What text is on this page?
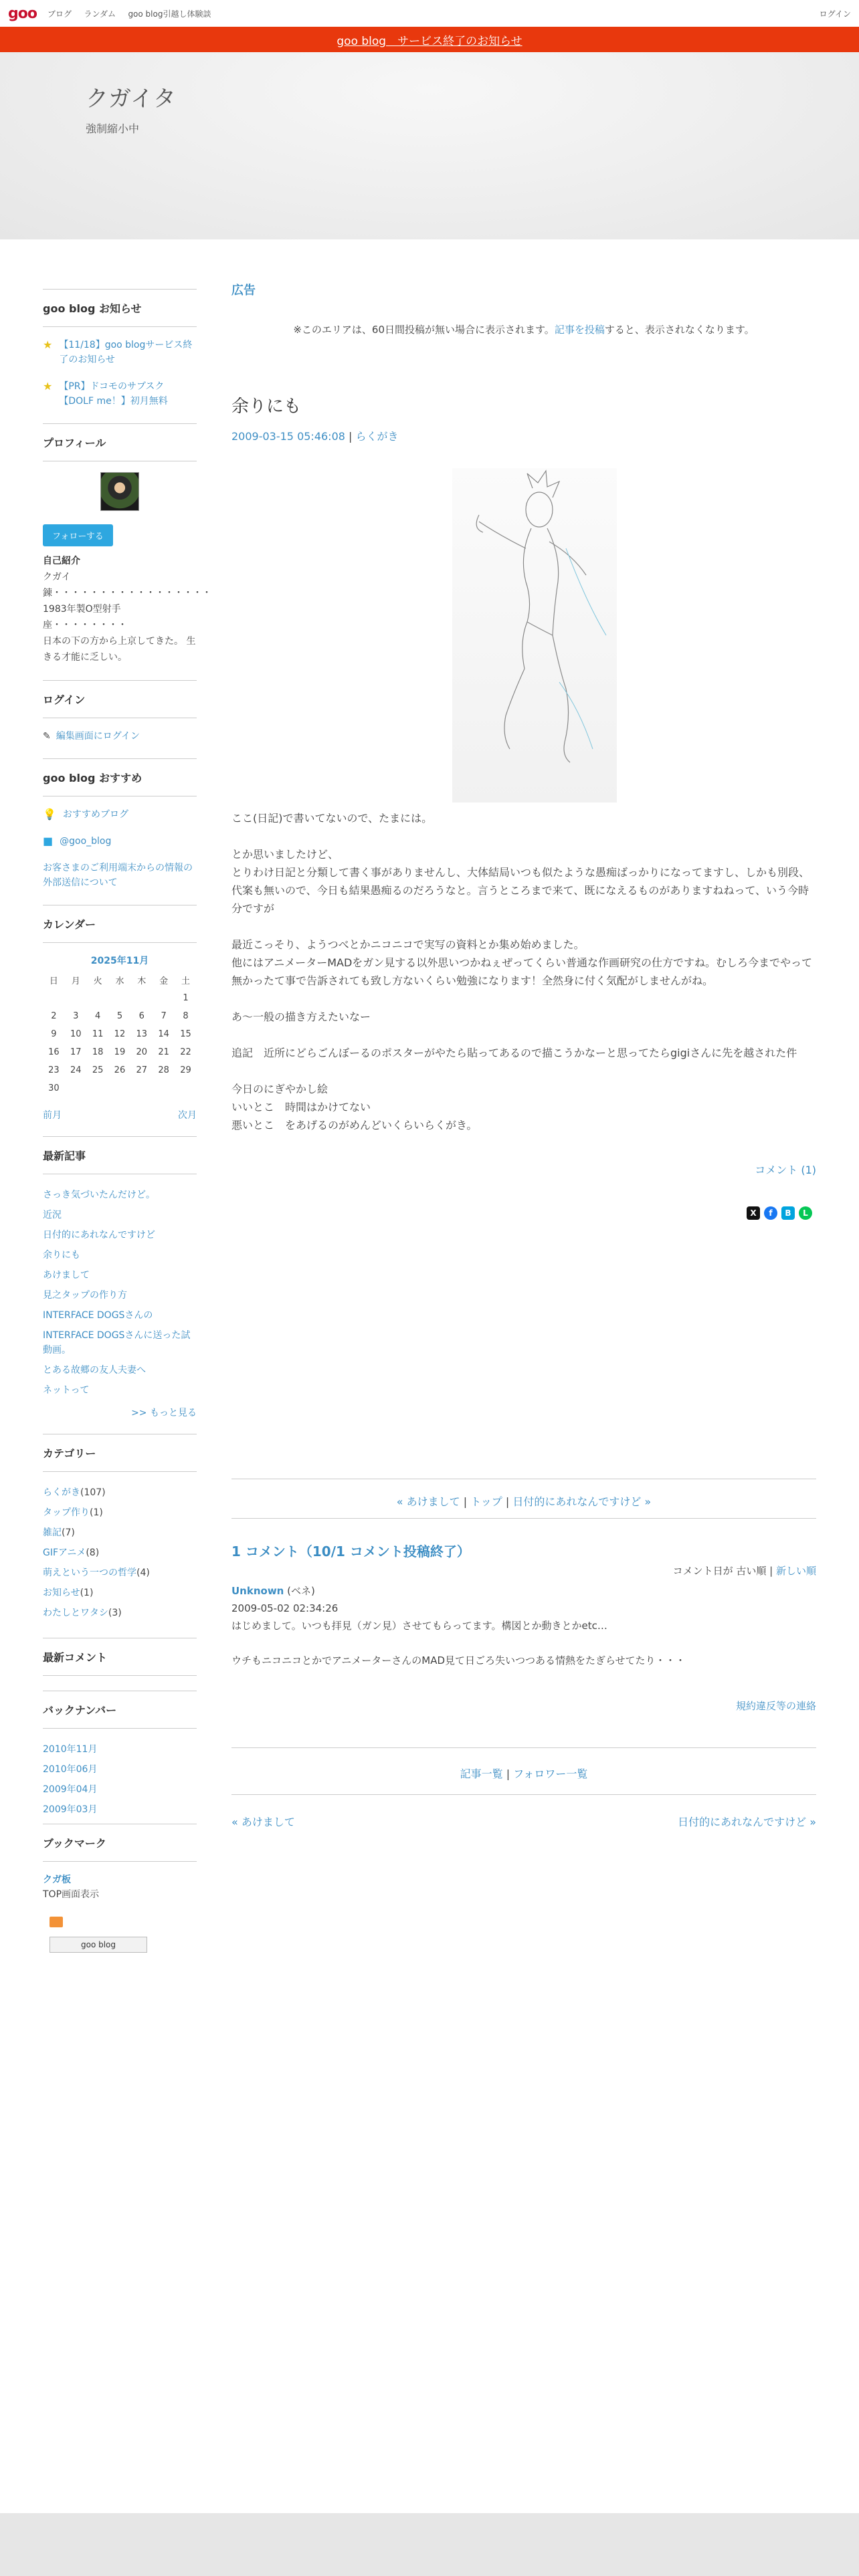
goo ブログ ランダム goo blog引越し体験談	ログイン
goo blog　サービス終了のお知らせ
クガイタ
強制縮小中
goo blog お知らせ
★ 【11/18】goo blogサービス終了のお知らせ
★ 【PR】ドコモのサブスク【DOLF me！】初月無料
プロフィール
フォローする
自己紹介
クガイ
錬・・・・・・・・・・・・・・・・・
1983年製O型射手座・・・・・・・・
日本の下の方から上京してきた。 生きる才能に乏しい。
ログイン
✎ 編集画面にログイン
goo blog おすすめ
💡 おすすめブログ
■ @goo_blog
お客さまのご利用端末からの情報の外部送信について
カレンダー
2025年11月
日	月	火	水	木	金	土
						1
2	3	4	5	6	7	8
9	10	11	12	13	14	15
16	17	18	19	20	21	22
23	24	25	26	27	28	29
30						
前月	次月
最新記事
さっき気づいたんだけど。
近況
日付的にあれなんですけど
余りにも
あけまして
見之タップの作り方
INTERFACE DOGSさんの
INTERFACE DOGSさんに送った試動画。
とある故郷の友人夫妻へ
ネットって
>> もっと見る
カテゴリー
らくがき(107)
タップ作り(1)
雑記(7)
GIFアニメ(8)
萌えという一つの哲学(4)
お知らせ(1)
わたしとワタシ(3)
最新コメント
バックナンバー
2010年11月
2010年06月
2009年04月
2009年03月
ブックマーク
クガ板
TOP画面表示
goo blog
広告
※このエリアは、60日間投稿が無い場合に表示されます。記事を投稿すると、表示されなくなります。
余りにも
2009-03-15 05:46:08 | らくがき
ここ(日記)で書いてないので、たまには。

とか思いましたけど、
とりわけ日記と分類して書く事がありませんし、大体結局いつも似たような愚痴ばっかりになってますし、しかも別段、代案も無いので、今日も結果愚痴るのだろうなと。言うところまで来て、既になえるものがありますねねって、いう今時分ですが

最近こっそり、ようつべとかニコニコで実写の資料とか集め始めました。
他にはアニメーターMADをガン見する以外思いつかねぇぜってくらい普通な作画研究の仕方ですね。むしろ今までやって無かったて事で告訴されても致し方ないくらい勉強になります！全然身に付く気配がしませんがね。

あ〜一般の描き方えたいなー

追記　近所にどらごんぼーるのポスターがやたら貼ってあるので描こうかなーと思ってたらgigiさんに先を越された件

今日のにぎやかし絵
いいとこ　時間はかけてない
悪いとこ　をあげるのがめんどいくらいらくがき。
コメント (1)
X	f	B	L
« あけまして | トップ | 日付的にあれなんですけど »
1 コメント（10/1 コメント投稿終了）
コメント日が 古い順 | 新しい順
Unknown (ベネ)
2009-05-02 02:34:26
はじめまして。いつも拝見（ガン見）させてもらってます。構図とか動きとかetc…

ウチもニコニコとかでアニメーターさんのMAD見て日ごろ失いつつある情熱をたぎらせてたり・・・
規約違反等の連絡
記事一覧 | フォロワー一覧
« あけまして	日付的にあれなんですけど »
